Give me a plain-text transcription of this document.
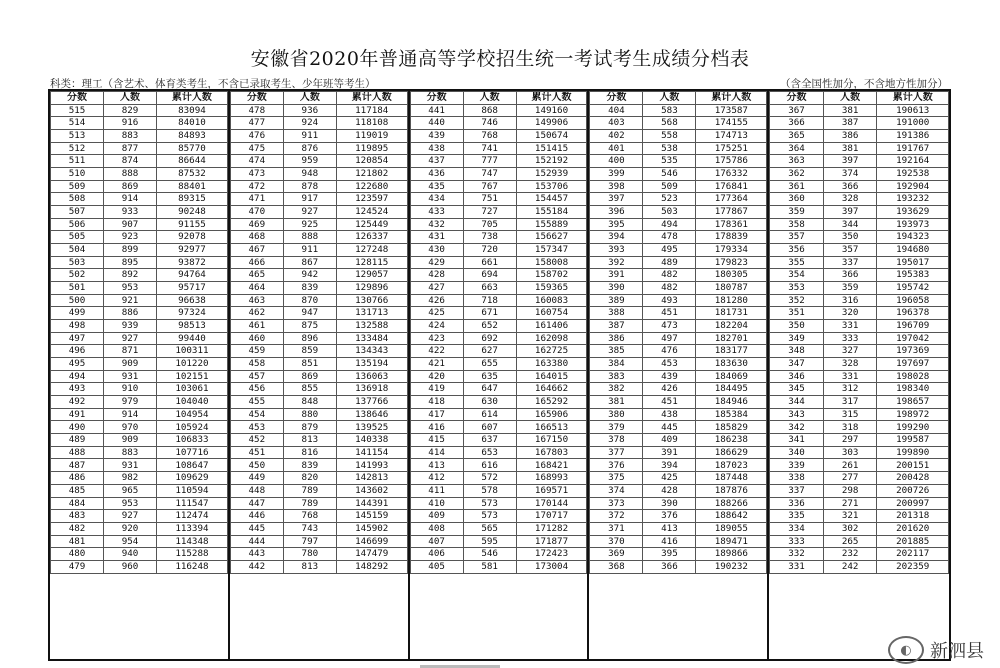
安徽省2020年普通高等学校招生统一考试考生成绩分档表
科类：理工（含艺术、体育类考生，不含已录取考生、少年班等考生）	（含全国性加分，不含地方性加分）
分数	人数	累计人数
515	829	83094
514	916	84010
513	883	84893
512	877	85770
511	874	86644
510	888	87532
509	869	88401
508	914	89315
507	933	90248
506	907	91155
505	923	92078
504	899	92977
503	895	93872
502	892	94764
501	953	95717
500	921	96638
499	886	97324
498	939	98513
497	927	99440
496	871	100311
495	909	101220
494	931	102151
493	910	103061
492	979	104040
491	914	104954
490	970	105924
489	909	106833
488	883	107716
487	931	108647
486	982	109629
485	965	110594
484	953	111547
483	927	112474
482	920	113394
481	954	114348
480	940	115288
479	960	116248
分数	人数	累计人数
478	936	117184
477	924	118108
476	911	119019
475	876	119895
474	959	120854
473	948	121802
472	878	122680
471	917	123597
470	927	124524
469	925	125449
468	888	126337
467	911	127248
466	867	128115
465	942	129057
464	839	129896
463	870	130766
462	947	131713
461	875	132588
460	896	133484
459	859	134343
458	851	135194
457	869	136063
456	855	136918
455	848	137766
454	880	138646
453	879	139525
452	813	140338
451	816	141154
450	839	141993
449	820	142813
448	789	143602
447	789	144391
446	768	145159
445	743	145902
444	797	146699
443	780	147479
442	813	148292
分数	人数	累计人数
441	868	149160
440	746	149906
439	768	150674
438	741	151415
437	777	152192
436	747	152939
435	767	153706
434	751	154457
433	727	155184
432	705	155889
431	738	156627
430	720	157347
429	661	158008
428	694	158702
427	663	159365
426	718	160083
425	671	160754
424	652	161406
423	692	162098
422	627	162725
421	655	163380
420	635	164015
419	647	164662
418	630	165292
417	614	165906
416	607	166513
415	637	167150
414	653	167803
413	616	168421
412	572	168993
411	578	169571
410	573	170144
409	573	170717
408	565	171282
407	595	171877
406	546	172423
405	581	173004
分数	人数	累计人数
404	583	173587
403	568	174155
402	558	174713
401	538	175251
400	535	175786
399	546	176332
398	509	176841
397	523	177364
396	503	177867
395	494	178361
394	478	178839
393	495	179334
392	489	179823
391	482	180305
390	482	180787
389	493	181280
388	451	181731
387	473	182204
386	497	182701
385	476	183177
384	453	183630
383	439	184069
382	426	184495
381	451	184946
380	438	185384
379	445	185829
378	409	186238
377	391	186629
376	394	187023
375	425	187448
374	428	187876
373	390	188266
372	376	188642
371	413	189055
370	416	189471
369	395	189866
368	366	190232
分数	人数	累计人数
367	381	190613
366	387	191000
365	386	191386
364	381	191767
363	397	192164
362	374	192538
361	366	192904
360	328	193232
359	397	193629
358	344	193973
357	350	194323
356	357	194680
355	337	195017
354	366	195383
353	359	195742
352	316	196058
351	320	196378
350	331	196709
349	333	197042
348	327	197369
347	328	197697
346	331	198028
345	312	198340
344	317	198657
343	315	198972
342	318	199290
341	297	199587
340	303	199890
339	261	200151
338	277	200428
337	298	200726
336	271	200997
335	321	201318
334	302	201620
333	265	201885
332	232	202117
331	242	202359
◐	新泗县
